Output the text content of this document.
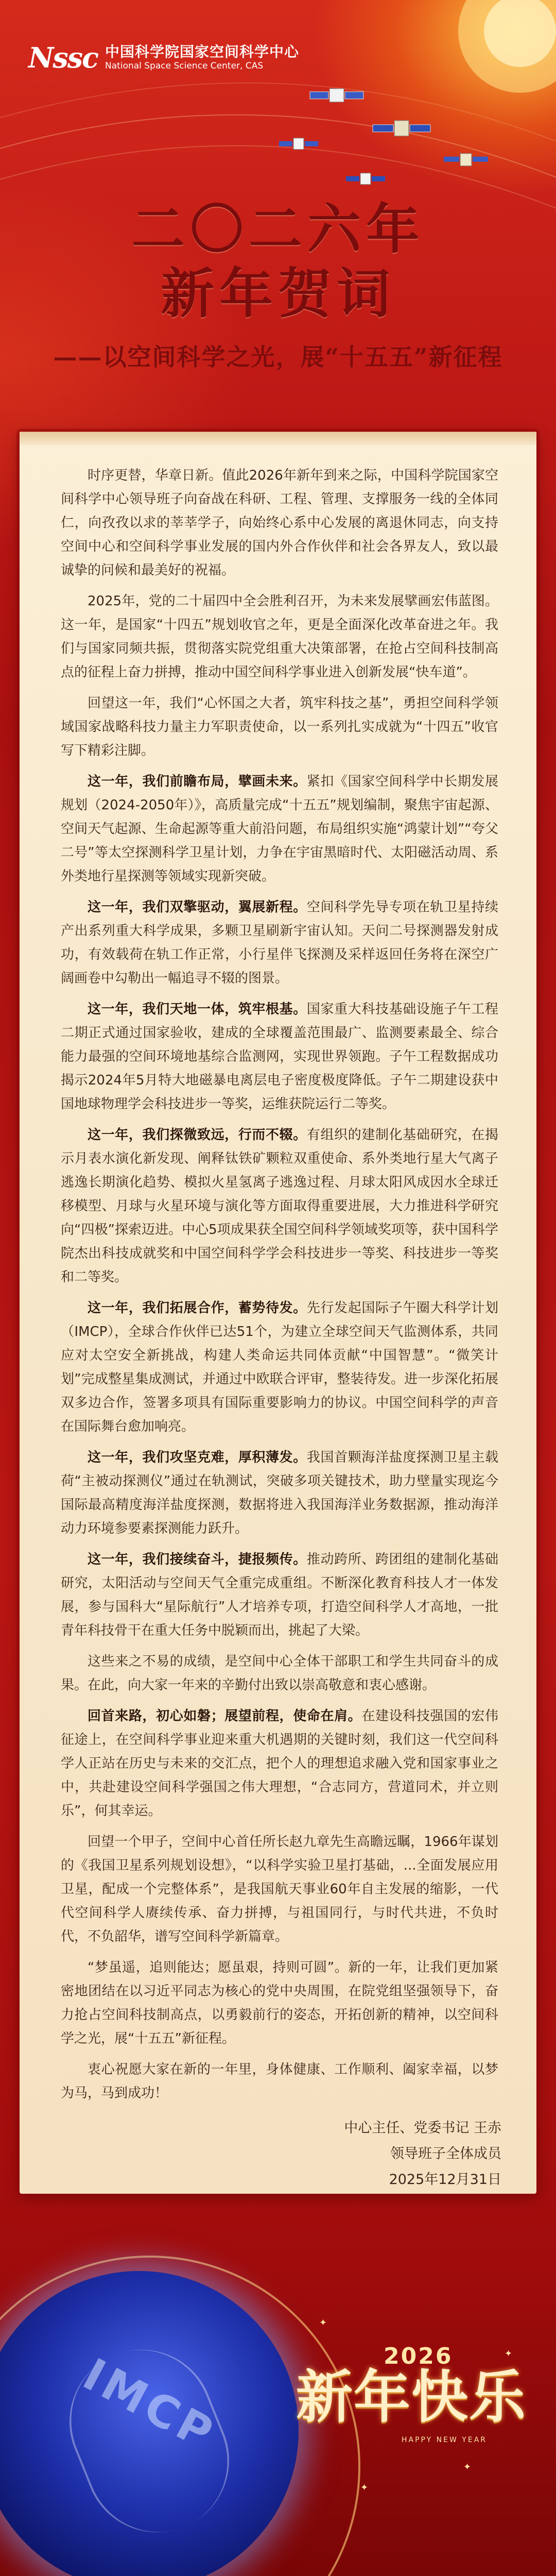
Nssc 中国科学院国家空间科学中心
National Space Science Center, CAS
二〇二六年
新年贺词
——以空间科学之光，展“十五五”新征程

时序更替，华章日新。值此2026年新年到来之际，中国科学院国家空间科学中心领导班子向奋战在科研、工程、管理、支撑服务一线的全体同仁，向孜孜以求的莘莘学子，向始终心系中心发展的离退休同志，向支持空间中心和空间科学事业发展的国内外合作伙伴和社会各界友人，致以最诚挚的问候和最美好的祝福。

2025年，党的二十届四中全会胜利召开，为未来发展擘画宏伟蓝图。这一年，是国家“十四五”规划收官之年，更是全面深化改革奋进之年。我们与国家同频共振，贯彻落实院党组重大决策部署，在抢占空间科技制高点的征程上奋力拼搏，推动中国空间科学事业进入创新发展“快车道”。

回望这一年，我们“心怀国之大者，筑牢科技之基”，勇担空间科学领域国家战略科技力量主力军职责使命，以一系列扎实成就为“十四五”收官写下精彩注脚。

这一年，我们前瞻布局，擘画未来。紧扣《国家空间科学中长期发展规划（2024-2050年）》，高质量完成“十五五”规划编制，聚焦宇宙起源、空间天气起源、生命起源等重大前沿问题，布局组织实施“鸿蒙计划”“夸父二号”等太空探测科学卫星计划，力争在宇宙黑暗时代、太阳磁活动周、系外类地行星探测等领域实现新突破。

这一年，我们双擎驱动，翼展新程。空间科学先导专项在轨卫星持续产出系列重大科学成果，多颗卫星刷新宇宙认知。天问二号探测器发射成功，有效载荷在轨工作正常，小行星伴飞探测及采样返回任务将在深空广阔画卷中勾勒出一幅追寻不辍的图景。

这一年，我们天地一体，筑牢根基。国家重大科技基础设施子午工程二期正式通过国家验收，建成的全球覆盖范围最广、监测要素最全、综合能力最强的空间环境地基综合监测网，实现世界领跑。子午工程数据成功揭示2024年5月特大地磁暴电离层电子密度极度降低。子午二期建设获中国地球物理学会科技进步一等奖，运维获院运行二等奖。

这一年，我们探微致远，行而不辍。有组织的建制化基础研究，在揭示月表水演化新发现、阐释钛铁矿颗粒双重使命、系外类地行星大气离子逃逸长期演化趋势、模拟火星氢离子逃逸过程、月球太阳风成因水全球迁移模型、月球与火星环境与演化等方面取得重要进展，大力推进科学研究向“四极”探索迈进。中心5项成果获全国空间科学领域奖项等，获中国科学院杰出科技成就奖和中国空间科学学会科技进步一等奖、科技进步一等奖和二等奖。

这一年，我们拓展合作，蓄势待发。先行发起国际子午圈大科学计划（IMCP），全球合作伙伴已达51个，为建立全球空间天气监测体系，共同应对太空安全新挑战，构建人类命运共同体贡献“中国智慧”。“微笑计划”完成整星集成测试，并通过中欧联合评审，整装待发。进一步深化拓展双多边合作，签署多项具有国际重要影响力的协议。中国空间科学的声音在国际舞台愈加响亮。

这一年，我们攻坚克难，厚积薄发。我国首颗海洋盐度探测卫星主载荷“主被动探测仪”通过在轨测试，突破多项关键技术，助力壁量实现迄今国际最高精度海洋盐度探测，数据将进入我国海洋业务数据源，推动海洋动力环境参要素探测能力跃升。

这一年，我们接续奋斗，捷报频传。推动跨所、跨团组的建制化基础研究，太阳活动与空间天气全重完成重组。不断深化教育科技人才一体发展，参与国科大“星际航行”人才培养专项，打造空间科学人才高地，一批青年科技骨干在重大任务中脱颖而出，挑起了大梁。

这些来之不易的成绩，是空间中心全体干部职工和学生共同奋斗的成果。在此，向大家一年来的辛勤付出致以崇高敬意和衷心感谢。

回首来路，初心如磐；展望前程，使命在肩。在建设科技强国的宏伟征途上，在空间科学事业迎来重大机遇期的关键时刻，我们这一代空间科学人正站在历史与未来的交汇点，把个人的理想追求融入党和国家事业之中，共赴建设空间科学强国之伟大理想，“合志同方，营道同术，并立则乐”，何其幸运。

回望一个甲子，空间中心首任所长赵九章先生高瞻远瞩，1966年谋划的《我国卫星系列规划设想》，“以科学实验卫星打基础，...全面发展应用卫星，配成一个完整体系”，是我国航天事业60年自主发展的缩影，一代代空间科学人赓续传承、奋力拼搏，与祖国同行，与时代共进，不负时代，不负韶华，谱写空间科学新篇章。

“梦虽遥，追则能达；愿虽艰，持则可圆”。新的一年，让我们更加紧密地团结在以习近平同志为核心的党中央周围，在院党组坚强领导下，奋力抢占空间科技制高点，以勇毅前行的姿态，开拓创新的精神，以空间科学之光，展“十五五”新征程。

衷心祝愿大家在新的一年里，身体健康、工作顺利、阖家幸福，以梦为马，马到成功！

中心主任、党委书记 王赤
领导班子全体成员
2025年12月31日
IMCP	2026
新年快乐
HAPPY NEW YEAR
✦
✦
✦
✦
